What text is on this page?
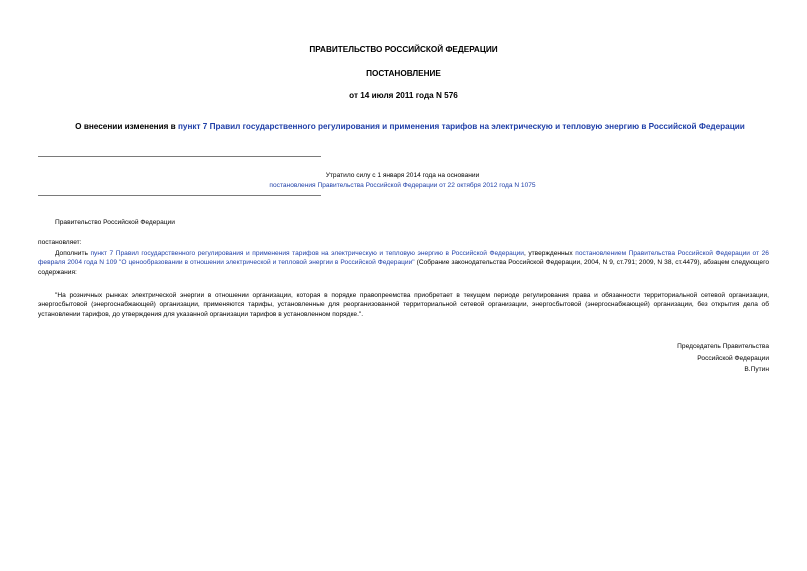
ПРАВИТЕЛЬСТВО РОССИЙСКОЙ ФЕДЕРАЦИИ
ПОСТАНОВЛЕНИЕ
от 14 июля 2011 года N 576
О внесении изменения в пункт 7 Правил государственного регулирования и применения тарифов на электрическую и тепловую энергию в Российской Федерации
Утратило силу с 1 января 2014 года на основании
постановления Правительства Российской Федерации от 22 октября 2012 года N 1075
Правительство Российской Федерации
постановляет:
Дополнить пункт 7 Правил государственного регулирования и применения тарифов на электрическую и тепловую энергию в Российской Федерации, утвержденных постановлением Правительства Российской Федерации от 26 февраля 2004 года N 109 "О ценообразовании в отношении электрической и тепловой энергии в Российской Федерации" (Собрание законодательства Российской Федерации, 2004, N 9, ст.791; 2009, N 38, ст.4479), абзацем следующего содержания:
"На розничных рынках электрической энергии в отношении организации, которая в порядке правопреемства приобретает в текущем периоде регулирования права и обязанности территориальной сетевой организации, энергосбытовой (энергоснабжающей) организации, применяются тарифы, установленные для реорганизованной территориальной сетевой организации, энергосбытовой (энергоснабжающей) организации, без открытия дела об установлении тарифов, до утверждения для указанной организации тарифов в установленном порядке.".
Председатель Правительства
Российской Федерации
В.Путин
